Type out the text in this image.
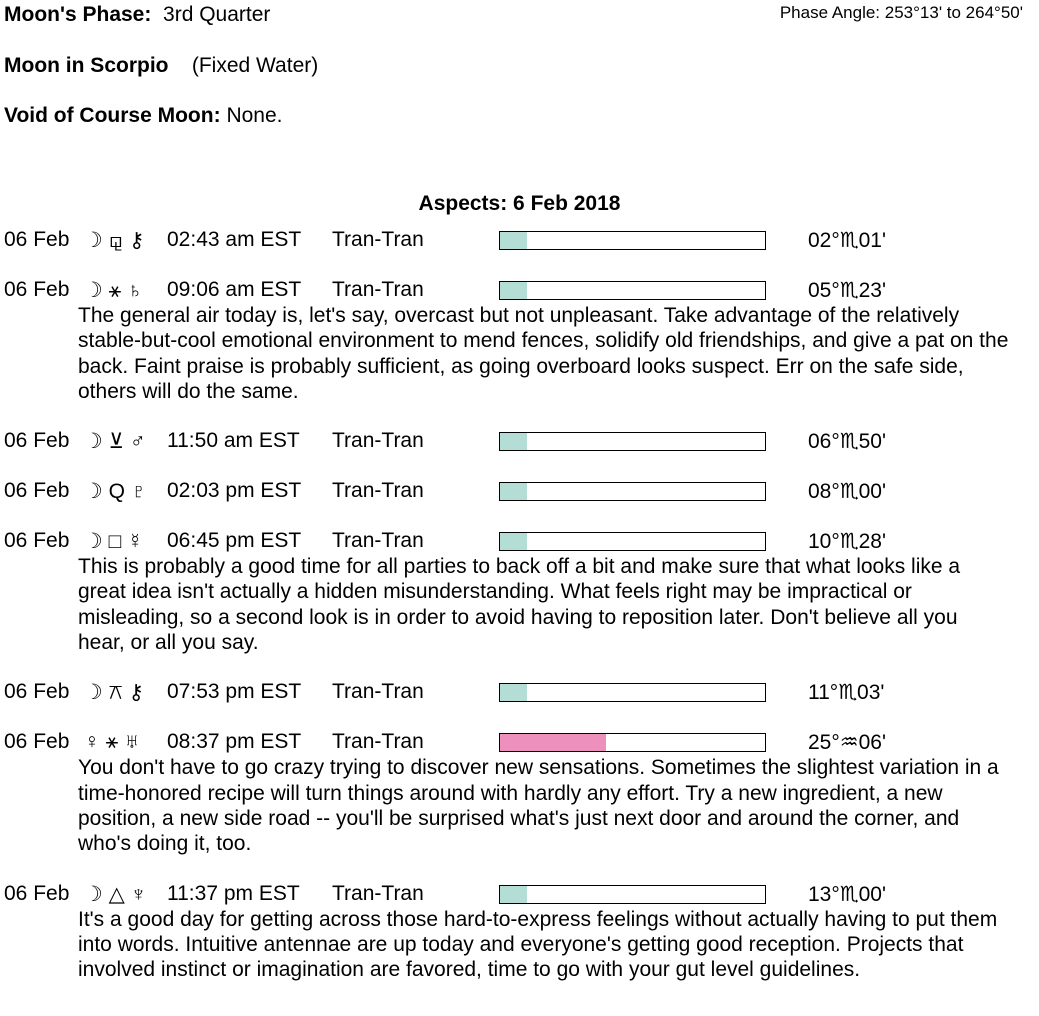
Moon's Phase: 3rd Quarter	Phase Angle: 253°13' to 264°50'
Moon in Scorpio (Fixed Water)
Void of Course Moon: None.
Aspects: 6 Feb 2018
06 Feb ☽ ⚼ ⚷ 02:43 am EST Tran-Tran	02°♏01'
06 Feb ☽ ⚹ ♄ 09:06 am EST Tran-Tran	05°♏23'
The general air today is, let's say, overcast but not unpleasant. Take advantage of the relatively stable-but-cool emotional environment to mend fences, solidify old friendships, and give a pat on the back. Faint praise is probably sufficient, as going overboard looks suspect. Err on the safe side, others will do the same.
06 Feb ☽ ⊻ ♂ 11:50 am EST Tran-Tran	06°♏50'
06 Feb ☽ Q ♇ 02:03 pm EST Tran-Tran	08°♏00'
06 Feb ☽ □ ☿ 06:45 pm EST Tran-Tran	10°♏28'
This is probably a good time for all parties to back off a bit and make sure that what looks like a great idea isn't actually a hidden misunderstanding. What feels right may be impractical or misleading, so a second look is in order to avoid having to reposition later. Don't believe all you hear, or all you say.
06 Feb ☽ ⚻ ⚷ 07:53 pm EST Tran-Tran	11°♏03'
06 Feb ♀ ⚹ ♅ 08:37 pm EST Tran-Tran	25°♒06'
You don't have to go crazy trying to discover new sensations. Sometimes the slightest variation in a time-honored recipe will turn things around with hardly any effort. Try a new ingredient, a new position, a new side road -- you'll be surprised what's just next door and around the corner, and who's doing it, too.
06 Feb ☽ △ ♆ 11:37 pm EST Tran-Tran	13°♏00'
It's a good day for getting across those hard-to-express feelings without actually having to put them into words. Intuitive antennae are up today and everyone's getting good reception. Projects that involved instinct or imagination are favored, time to go with your gut level guidelines.
